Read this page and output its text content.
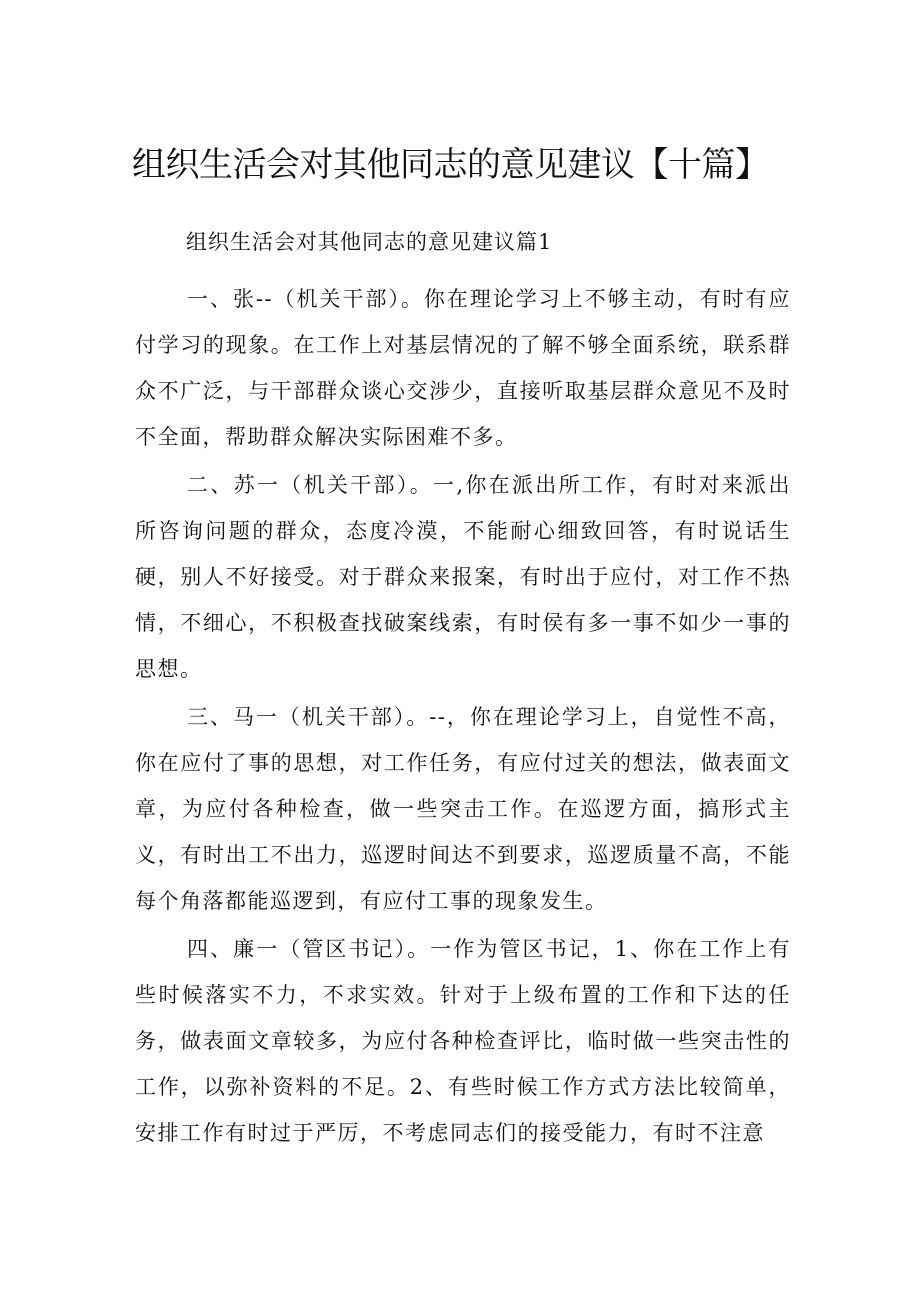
组织生活会对其他同志的意见建议【十篇】

组织生活会对其他同志的意见建议篇1

一、张--（机关干部）。你在理论学习上不够主动，有时有应付学习的现象。在工作上对基层情况的了解不够全面系统，联系群众不广泛，与干部群众谈心交涉少，直接听取基层群众意见不及时不全面，帮助群众解决实际困难不多。

二、苏一（机关干部）。一,你在派出所工作，有时对来派出所咨询问题的群众，态度冷漠，不能耐心细致回答，有时说话生硬，别人不好接受。对于群众来报案，有时出于应付，对工作不热情，不细心，不积极查找破案线索，有时侯有多一事不如少一事的思想。

三、马一（机关干部）。--，你在理论学习上，自觉性不高，你在应付了事的思想，对工作任务，有应付过关的想法，做表面文章，为应付各种检查，做一些突击工作。在巡逻方面，搞形式主义，有时出工不出力，巡逻时间达不到要求，巡逻质量不高，不能每个角落都能巡逻到，有应付工事的现象发生。

四、廉一（管区书记）。一作为管区书记，1、你在工作上有些时候落实不力，不求实效。针对于上级布置的工作和下达的任务，做表面文章较多，为应付各种检查评比，临时做一些突击性的工作，以弥补资料的不足。2、有些时候工作方式方法比较简单，安排工作有时过于严厉，不考虑同志们的接受能力，有时不注意
